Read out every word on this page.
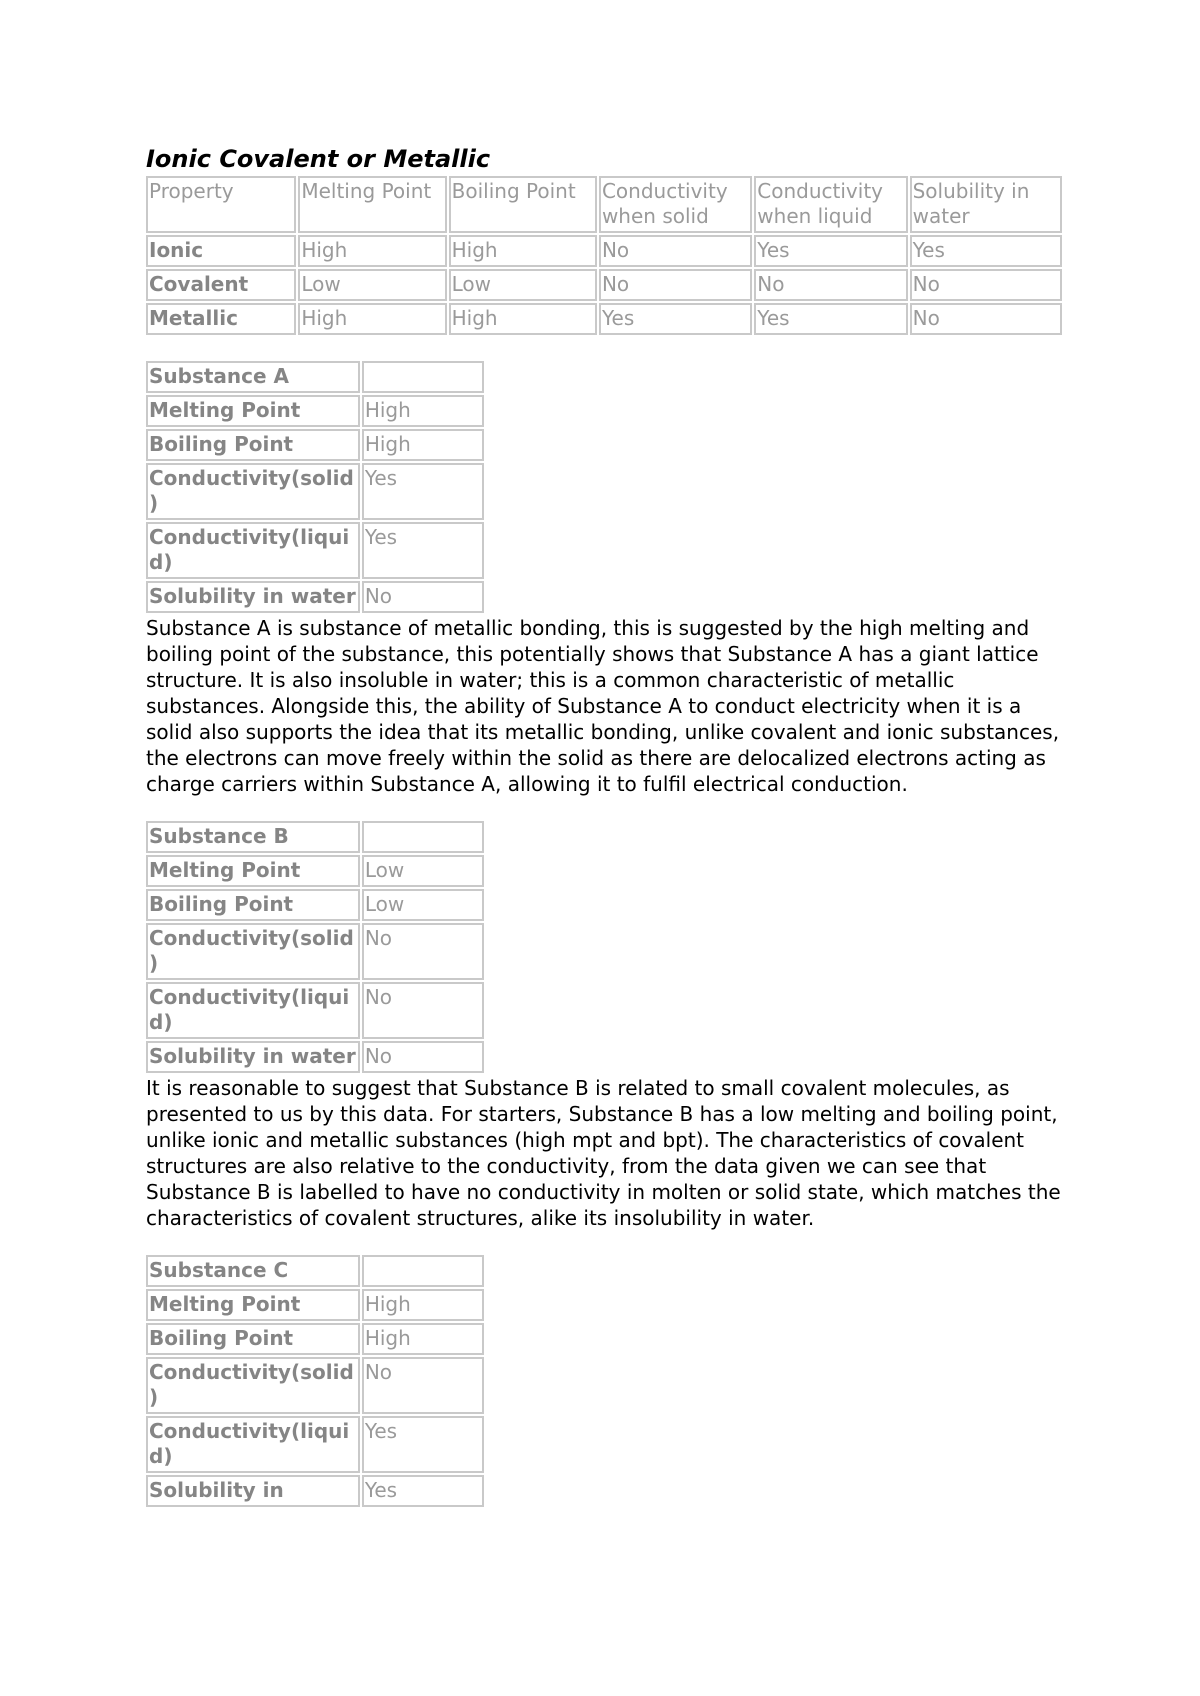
Ionic Covalent or Metallic
Property	Melting Point	Boiling Point	Conductivity when solid	Conductivity when liquid	Solubility in water
Ionic	High	High	No	Yes	Yes
Covalent	Low	Low	No	No	No
Metallic	High	High	Yes	Yes	No
Substance A	
Melting Point	High
Boiling Point	High
Conductivity(solid)	Yes
Conductivity(liquid)	Yes
Solubility in water	No

Substance A is substance of metallic bonding, this is suggested by the high melting and boiling point of the substance, this potentially shows that Substance A has a giant lattice structure. It is also insoluble in water; this is a common characteristic of metallic substances. Alongside this, the ability of Substance A to conduct electricity when it is a solid also supports the idea that its metallic bonding, unlike covalent and ionic substances, the electrons can move freely within the solid as there are delocalized electrons acting as charge carriers within Substance A, allowing it to fulfil electrical conduction.

Substance B	
Melting Point	Low
Boiling Point	Low
Conductivity(solid)	No
Conductivity(liquid)	No
Solubility in water	No

It is reasonable to suggest that Substance B is related to small covalent molecules, as presented to us by this data. For starters, Substance B has a low melting and boiling point, unlike ionic and metallic substances (high mpt and bpt). The characteristics of covalent structures are also relative to the conductivity, from the data given we can see that Substance B is labelled to have no conductivity in molten or solid state, which matches the characteristics of covalent structures, alike its insolubility in water.

Substance C	
Melting Point	High
Boiling Point	High
Conductivity(solid)	No
Conductivity(liquid)	Yes
Solubility in	Yes
